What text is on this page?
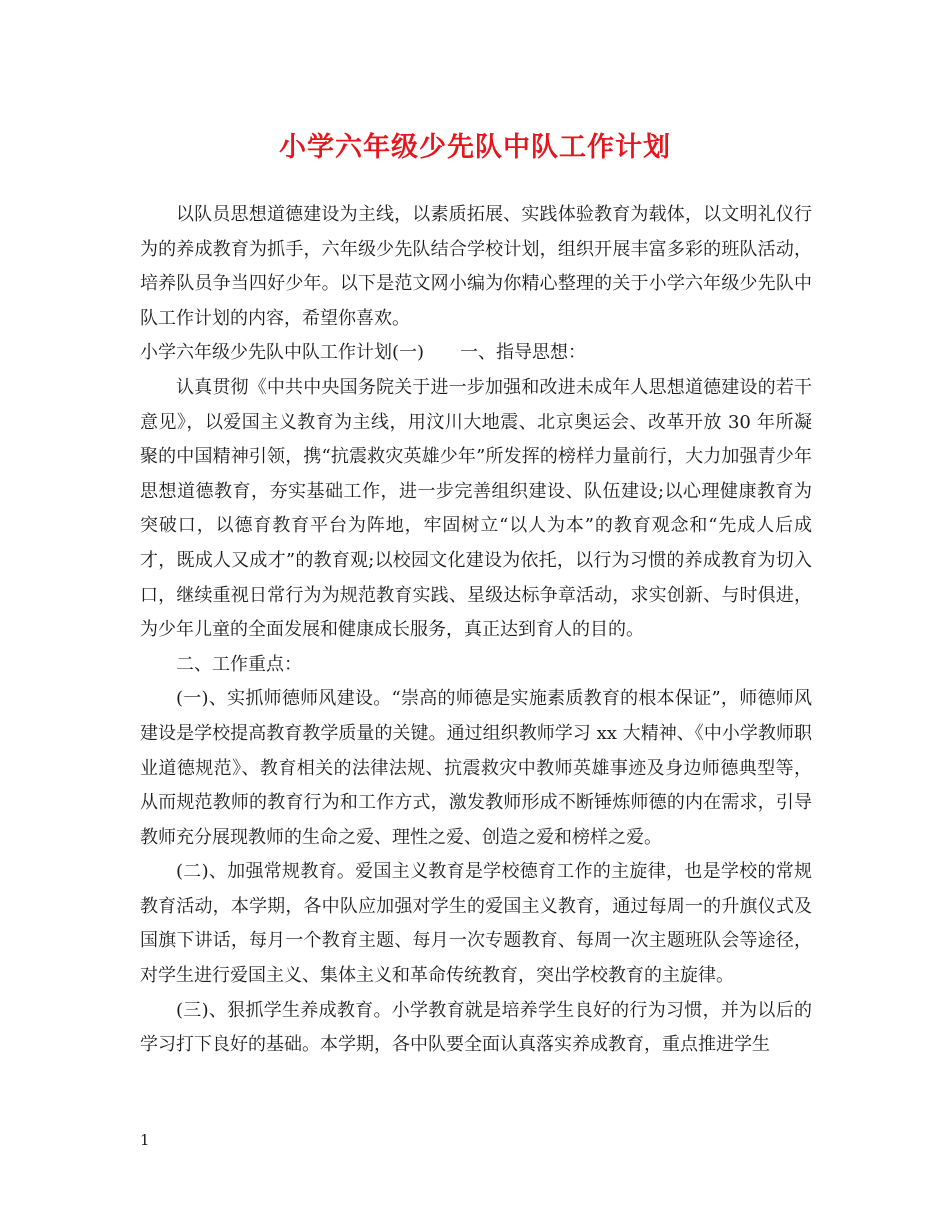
小学六年级少先队中队工作计划

以队员思想道德建设为主线，以素质拓展、实践体验教育为载体，以文明礼仪行为的养成教育为抓手，六年级少先队结合学校计划，组织开展丰富多彩的班队活动，培养队员争当四好少年。以下是范文网小编为你精心整理的关于小学六年级少先队中队工作计划的内容，希望你喜欢。

小学六年级少先队中队工作计划(一) 一、指导思想：

认真贯彻《中共中央国务院关于进一步加强和改进未成年人思想道德建设的若干意见》，以爱国主义教育为主线，用汶川大地震、北京奥运会、改革开放 30 年所凝聚的中国精神引领，携“抗震救灾英雄少年”所发挥的榜样力量前行，大力加强青少年思想道德教育，夯实基础工作，进一步完善组织建设、队伍建设;以心理健康教育为突破口，以德育教育平台为阵地，牢固树立“以人为本”的教育观念和“先成人后成才，既成人又成才”的教育观;以校园文化建设为依托，以行为习惯的养成教育为切入口，继续重视日常行为为规范教育实践、星级达标争章活动，求实创新、与时俱进，为少年儿童的全面发展和健康成长服务，真正达到育人的目的。

二、工作重点：

(一)、实抓师德师风建设。“崇高的师德是实施素质教育的根本保证”，师德师风建设是学校提高教育教学质量的关键。通过组织教师学习 xx 大精神、《中小学教师职业道德规范》、教育相关的法律法规、抗震救灾中教师英雄事迹及身边师德典型等，从而规范教师的教育行为和工作方式，激发教师形成不断锤炼师德的内在需求，引导教师充分展现教师的生命之爱、理性之爱、创造之爱和榜样之爱。

(二)、加强常规教育。爱国主义教育是学校德育工作的主旋律，也是学校的常规教育活动，本学期，各中队应加强对学生的爱国主义教育，通过每周一的升旗仪式及国旗下讲话，每月一个教育主题、每月一次专题教育、每周一次主题班队会等途径，对学生进行爱国主义、集体主义和革命传统教育，突出学校教育的主旋律。

(三)、狠抓学生养成教育。小学教育就是培养学生良好的行为习惯，并为以后的学习打下良好的基础。本学期，各中队要全面认真落实养成教育，重点推进学生

1
